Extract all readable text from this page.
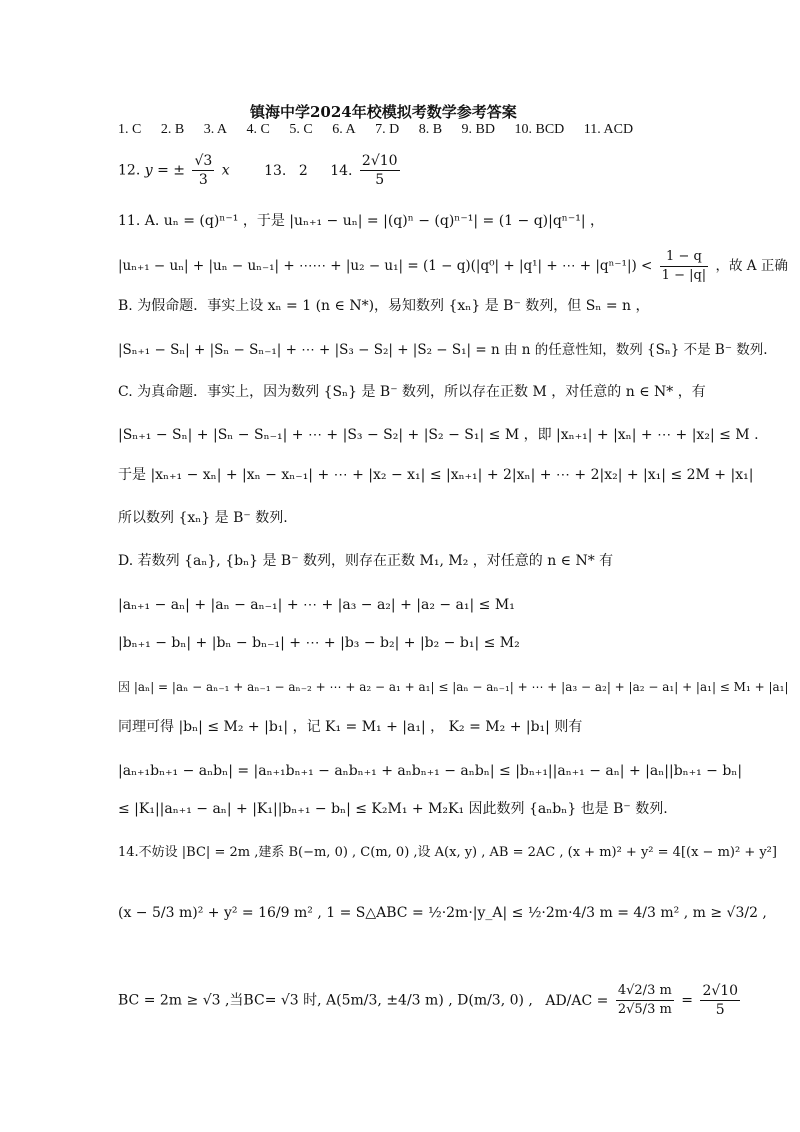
镇海中学2024年校模拟考数学参考答案
1. C 2. B 3. A 4. C 5. C 6. A 7. D 8. B 9. BD 10. BCD 11. ACD
12. y = ± $\frac{√3}{3}$ x 13. 2 14. $\frac{2√10}{5}$
11. A. uₙ = (q)ⁿ⁻¹ ，于是 |uₙ₊₁ − uₙ| = |(q)ⁿ − (q)ⁿ⁻¹| = (1 − q)|qⁿ⁻¹| ，
|uₙ₊₁ − uₙ| + |uₙ − uₙ₋₁| + ⋯⋯ + |u₂ − u₁| = (1 − q)(|q⁰| + |q¹| + ⋯ + $|q^{n-1}|) < \frac{1 - q}{1 - |q|}$ ，故 A 正确
B. 为假命题．事实上设 xₙ = 1 (n ∈ N*)，易知数列 {xₙ} 是 B⁻ 数列，但 Sₙ = n ，
|Sₙ₊₁ − Sₙ| + |Sₙ − Sₙ₋₁| + ⋯ + |S₃ − S₂| + |S₂ − S₁| = n 由 n 的任意性知，数列 {Sₙ} 不是 B⁻ 数列.
C. 为真命题．事实上，因为数列 {Sₙ} 是 B⁻ 数列，所以存在正数 M ，对任意的 n ∈ N* ，有
|Sₙ₊₁ − Sₙ| + |Sₙ − Sₙ₋₁| + ⋯ + |S₃ − S₂| + |S₂ − S₁| ≤ M ，即 |xₙ₊₁| + |xₙ| + ⋯ + |x₂| ≤ M .
于是 |xₙ₊₁ − xₙ| + |xₙ − xₙ₋₁| + ⋯ + |x₂ − x₁| ≤ |xₙ₊₁| + 2|xₙ| + ⋯ + 2|x₂| + |x₁| ≤ 2M + |x₁|
所以数列 {xₙ} 是 B⁻ 数列.
D. 若数列 {aₙ}, {bₙ} 是 B⁻ 数列，则存在正数 M₁, M₂ ，对任意的 n ∈ N* 有
|aₙ₊₁ − aₙ| + |aₙ − aₙ₋₁| + ⋯ + |a₃ − a₂| + |a₂ − a₁| ≤ M₁
|bₙ₊₁ − bₙ| + |bₙ − bₙ₋₁| + ⋯ + |b₃ − b₂| + |b₂ − b₁| ≤ M₂
因 |aₙ| = |aₙ − aₙ₋₁ + aₙ₋₁ − aₙ₋₂ + ⋯ + a₂ − a₁ + a₁| ≤ |aₙ − aₙ₋₁| + ⋯ + |a₃ − a₂| + |a₂ − a₁| + |a₁| ≤ M₁ + |a₁|
同理可得 |bₙ| ≤ M₂ + |b₁| ，记 K₁ = M₁ + |a₁| ， K₂ = M₂ + |b₁| 则有
|aₙ₊₁bₙ₊₁ − aₙbₙ| = |aₙ₊₁bₙ₊₁ − aₙbₙ₊₁ + aₙbₙ₊₁ − aₙbₙ| ≤ |bₙ₊₁||aₙ₊₁ − aₙ| + |aₙ||bₙ₊₁ − bₙ|
≤ |K₁||aₙ₊₁ − aₙ| + |K₁||bₙ₊₁ − bₙ| ≤ K₂M₁ + M₂K₁ 因此数列 {aₙbₙ} 也是 B⁻ 数列.
14.不妨设 |BC| = 2m ,建系 B(−m, 0) , C(m, 0) ,设 A(x, y) , AB = 2AC , (x + m)² + y² = 4[(x − m)² + y²]
(x − 5/3 m)² + y² = 16/9 m² , 1 = S△ABC = ½·2m·|y_A| ≤ ½·2m·4/3 m = 4/3 m² , m ≥ √3/2 ,
BC = 2m ≥ √3 ,当BC= √3 时, A(5m/3, ±4/3 m) , D(m/3, 0) , $AD/AC = \frac{4√2/3 m}{2√5/3 m} = \frac{2√10}{5}$
